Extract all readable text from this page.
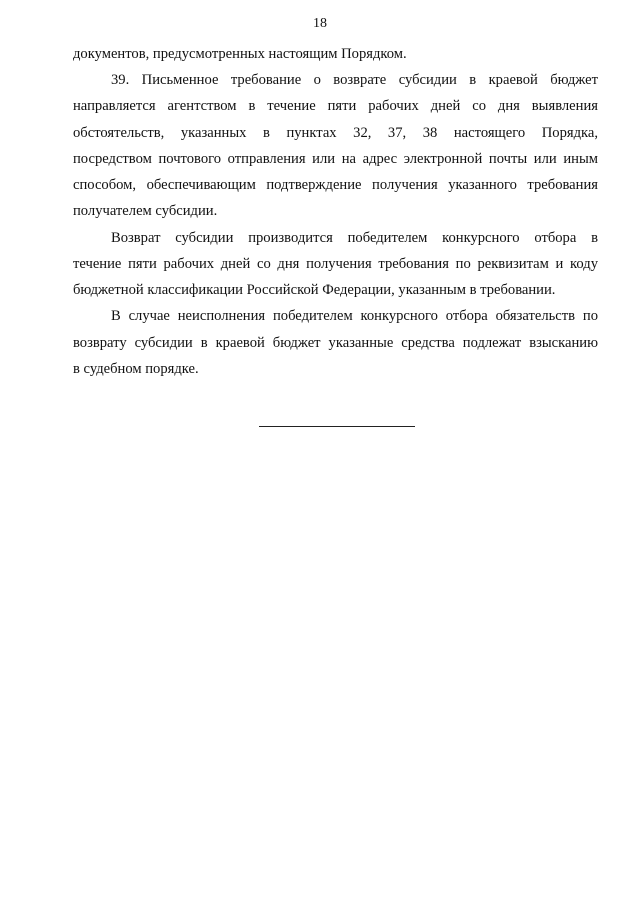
18
документов, предусмотренных настоящим Порядком.
39. Письменное требование о возврате субсидии в краевой бюджет
направляется агентством в течение пяти рабочих дней со дня выявления
обстоятельств, указанных в пунктах 32, 37, 38 настоящего Порядка,
посредством почтового отправления или на адрес электронной почты или иным
способом, обеспечивающим подтверждение получения указанного требования
получателем субсидии.
Возврат субсидии производится победителем конкурсного отбора в
течение пяти рабочих дней со дня получения требования по реквизитам и коду
бюджетной классификации Российской Федерации, указанным в требовании.
В случае неисполнения победителем конкурсного отбора обязательств по
возврату субсидии в краевой бюджет указанные средства подлежат взысканию
в судебном порядке.
